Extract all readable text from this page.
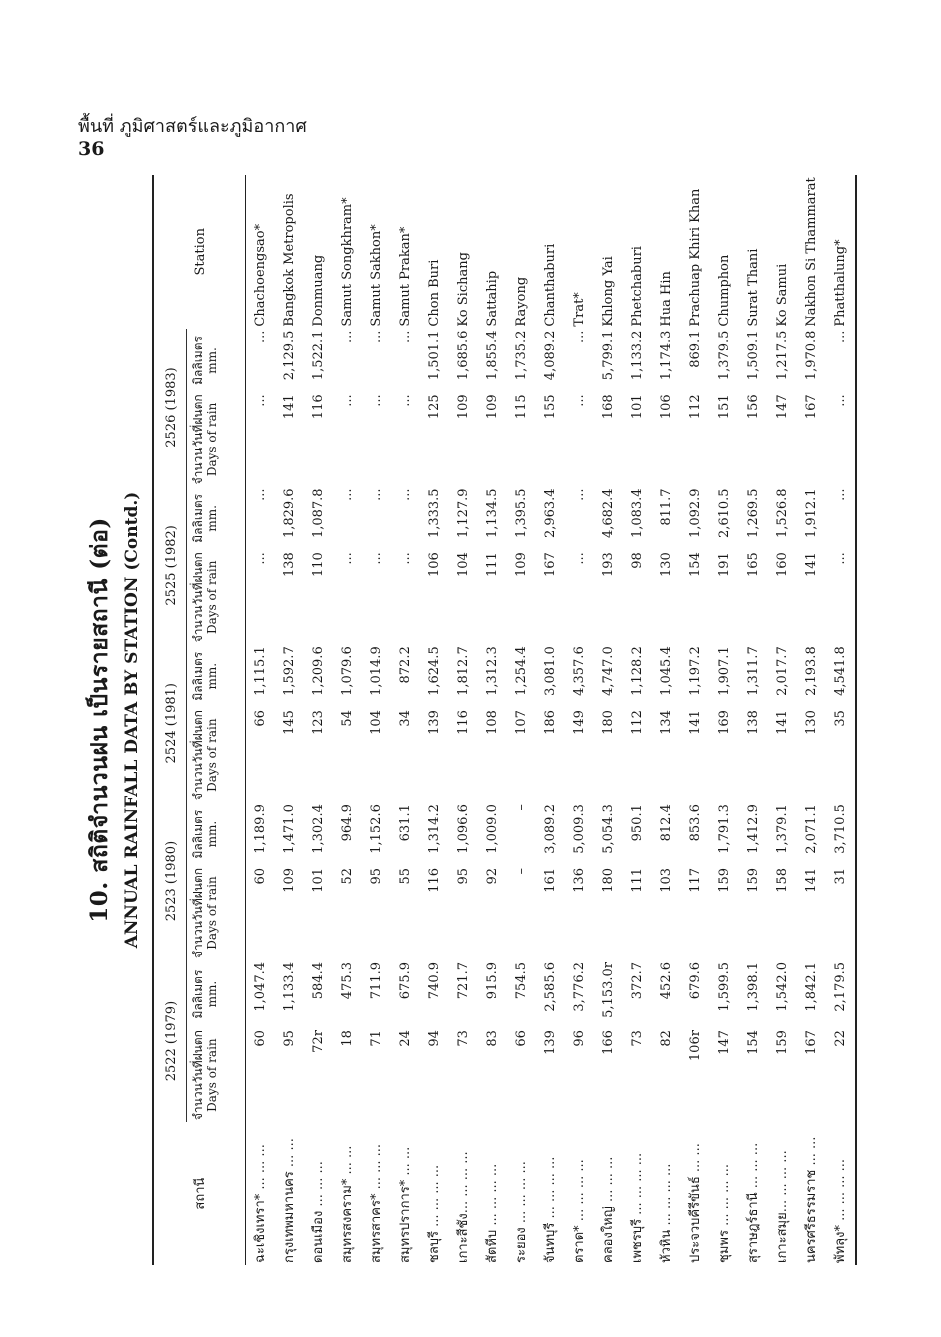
พื้นที่ ภูมิศาสตร์และภูมิอากาศ
36
10. สถิติจำนวนฝน เป็นรายสถานี (ต่อ) ANNUAL RAINFALL DATA BY STATION (Contd.)

สถานี	2522 (1979)		2523 (1980)		2524 (1981)		2525 (1982)		2526 (1983)		Station

	จำนวนวันที่ฝนตก Days of rain	มิลลิเมตร mm.	จำนวนวันที่ฝนตก Days of rain	มิลลิเมตร mm.	จำนวนวันที่ฝนตก Days of rain	มิลลิเมตร mm.	จำนวนวันที่ฝนตก Days of rain	มิลลิเมตร mm.	จำนวนวันที่ฝนตก Days of rain	มิลลิเมตร mm.	

ฉะเชิงเทรา* ... ... ...	60	1,047.4	60	1,189.9	66	1,115.1	...	...	...	...	Chachoengsao*
กรุงเทพมหานคร ... ...	95	1,133.4	109	1,471.0	145	1,592.7	138	1,829.6	141	2,129.5	Bangkok Metropolis
ดอนเมือง ... ... ...	72r	584.4	101	1,302.4	123	1,209.6	110	1,087.8	116	1,522.1	Donmuang
สมุทรสงคราม* ... ...	18	475.3	52	964.9	54	1,079.6	...	...	...	...	Samut Songkhram*
สมุทรสาคร* ... ... ...	71	711.9	95	1,152.6	104	1,014.9	...	...	...	...	Samut Sakhon*
สมุทรปราการ* ... ...	24	675.9	55	631.1	34	872.2	...	...	...	...	Samut Prakan*
ชลบุรี ... ... ... ...	94	740.9	116	1,314.2	139	1,624.5	106	1,333.5	125	1,501.1	Chon Buri
เกาะสีชัง... ... ... ...	73	721.7	95	1,096.6	116	1,812.7	104	1,127.9	109	1,685.6	Ko Sichang
สัตหีบ ... ... ... ...	83	915.9	92	1,009.0	108	1,312.3	111	1,134.5	109	1,855.4	Sattahip
ระยอง ... ... ... ...	66	754.5	–	–	107	1,254.4	109	1,395.5	115	1,735.2	Rayong
จันทบุรี ... ... ... ...	139	2,585.6	161	3,089.2	186	3,081.0	167	2,963.4	155	4,089.2	Chanthaburi
ตราด* ... ... ... ...	96	3,776.2	136	5,009.3	149	4,357.6	...	...	...	...	Trat*
คลองใหญ่ ... ... ...	166	5,153.0r	180	5,054.3	180	4,747.0	193	4,682.4	168	5,799.1	Khlong Yai
เพชรบุรี ... ... ... ...	73	372.7	111	950.1	112	1,128.2	98	1,083.4	101	1,133.2	Phetchaburi
หัวหิน ... ... ... ...	82	452.6	103	812.4	134	1,045.4	130	811.7	106	1,174.3	Hua Hin
ประจวบคีรีขันธ์ ... ...	106r	679.6	117	853.6	141	1,197.2	154	1,092.9	112	869.1	Prachuap Khiri Khan
ชุมพร ... ... ... ...	147	1,599.5	159	1,791.3	169	1,907.1	191	2,610.5	151	1,379.5	Chumphon
สุราษฎร์ธานี ... ... ...	154	1,398.1	159	1,412.9	138	1,311.7	165	1,269.5	156	1,509.1	Surat Thani
เกาะสมุย... ... ... ...	159	1,542.0	158	1,379.1	141	2,017.7	160	1,526.8	147	1,217.5	Ko Samui
นครศรีธรรมราช ... ...	167	1,842.1	141	2,071.1	130	2,193.8	141	1,912.1	167	1,970.8	Nakhon Si Thammarat
พัทลุง* ... ... ... ...	22	2,179.5	31	3,710.5	35	4,541.8	...	...	...	...	Phatthalung*
